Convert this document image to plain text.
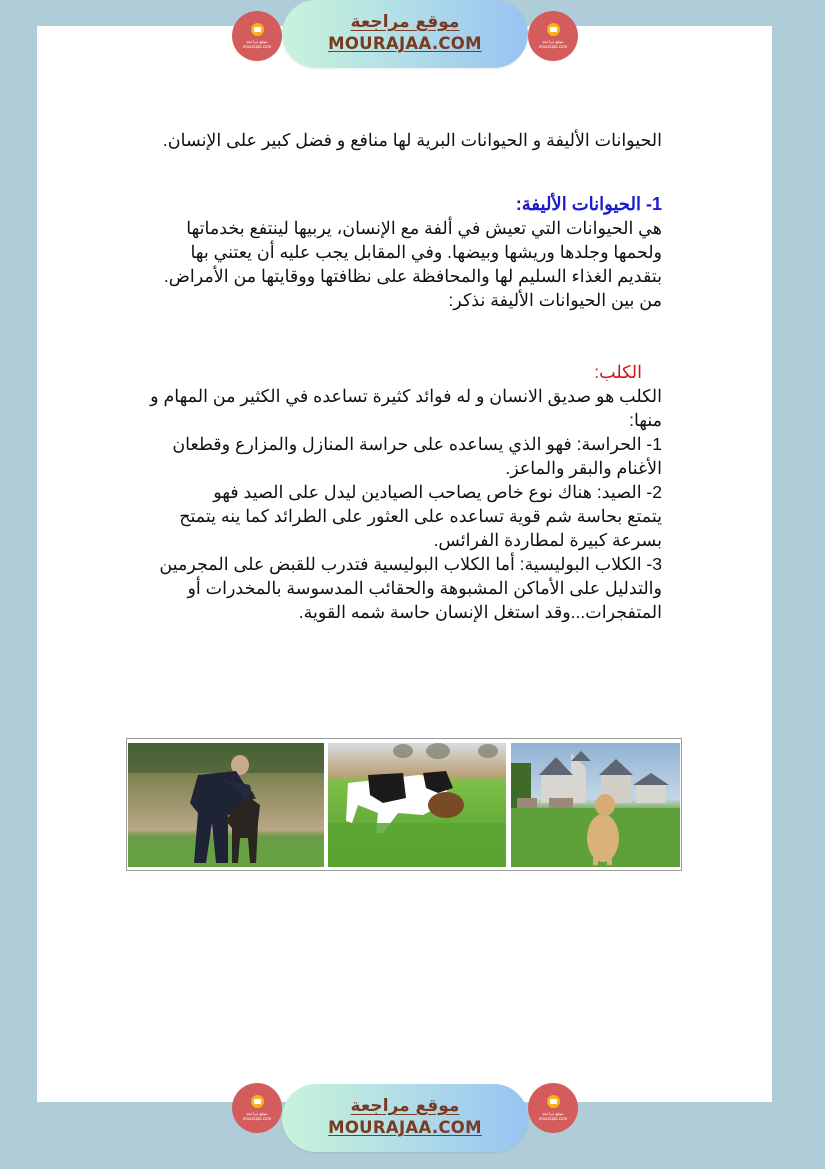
موقع مراجعة
mourajaa.com
موقع مراجعة
MOURAJAA.COM	موقع مراجعة
mourajaa.com

الحيوانات الأليفة و الحيوانات البرية لها منافع و فضل كبير على الإنسان.

1- الحيوانات الأليفة:

هي الحيوانات التي تعيش في ألفة مع الإنسان، يربيها لينتفع بخدماتها

ولحمها وجلدها وريشها وبيضها. وفي المقابل يجب عليه أن يعتني بها

بتقديم الغذاء السليم لها والمحافظة على نظافتها ووقايتها من الأمراض.

من بين الحيوانات الأليفة نذكر:

الكلب:

الكلب هو صديق الانسان و له فوائد كثيرة تساعده في الكثير من المهام و

منها:

1- الحراسة: فهو الذي يساعده على حراسة المنازل والمزارع وقطعان

الأغنام والبقر والماعز.

2- الصيد: هناك نوع خاص يصاحب الصيادين ليدل على الصيد فهو

يتمتع بحاسة شم قوية تساعده على العثور على الطرائد كما ينه يتمتح

بسرعة كبيرة لمطاردة الفرائس.

3- الكلاب البوليسية: أما الكلاب البوليسية فتدرب للقبض على المجرمين

والتدليل على الأماكن المشبوهة والحقائب المدسوسة بالمخدرات أو

المتفجرات...وقد استغل الإنسان حاسة شمه القوية.

موقع مراجعة
mourajaa.com
موقع مراجعة
MOURAJAA.COM
موقع مراجعة
mourajaa.com
